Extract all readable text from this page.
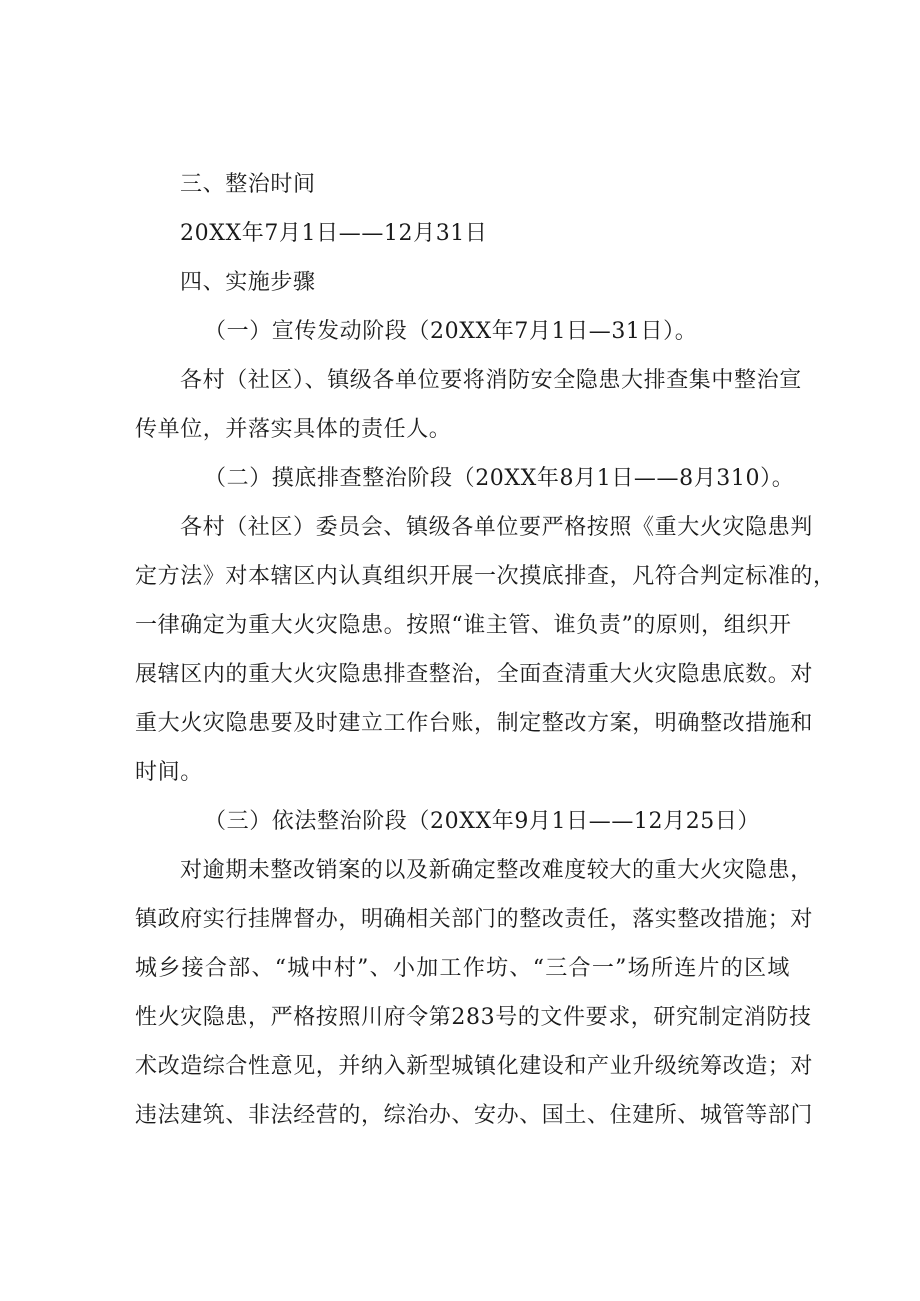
三、整治时间
20XX年7月1日——12月31日
四、实施步骤
（一）宣传发动阶段（20XX年7月1日—31日）。
各村（社区）、镇级各单位要将消防安全隐患大排查集中整治宣
传单位，并落实具体的责任人。
（二）摸底排查整治阶段（20XX年8月1日——8月310）。
各村（社区）委员会、镇级各单位要严格按照《重大火灾隐患判
定方法》对本辖区内认真组织开展一次摸底排查，凡符合判定标准的，
一律确定为重大火灾隐患。按照“谁主管、谁负责”的原则，组织开
展辖区内的重大火灾隐患排查整治，全面查清重大火灾隐患底数。对
重大火灾隐患要及时建立工作台账，制定整改方案，明确整改措施和
时间。
（三）依法整治阶段（20XX年9月1日——12月25日）
对逾期未整改销案的以及新确定整改难度较大的重大火灾隐患，
镇政府实行挂牌督办，明确相关部门的整改责任，落实整改措施；对
城乡接合部、“城中村”、小加工作坊、“三合一”场所连片的区域
性火灾隐患，严格按照川府令第283号的文件要求，研究制定消防技
术改造综合性意见，并纳入新型城镇化建设和产业升级统筹改造；对
违法建筑、非法经营的，综治办、安办、国土、住建所、城管等部门
